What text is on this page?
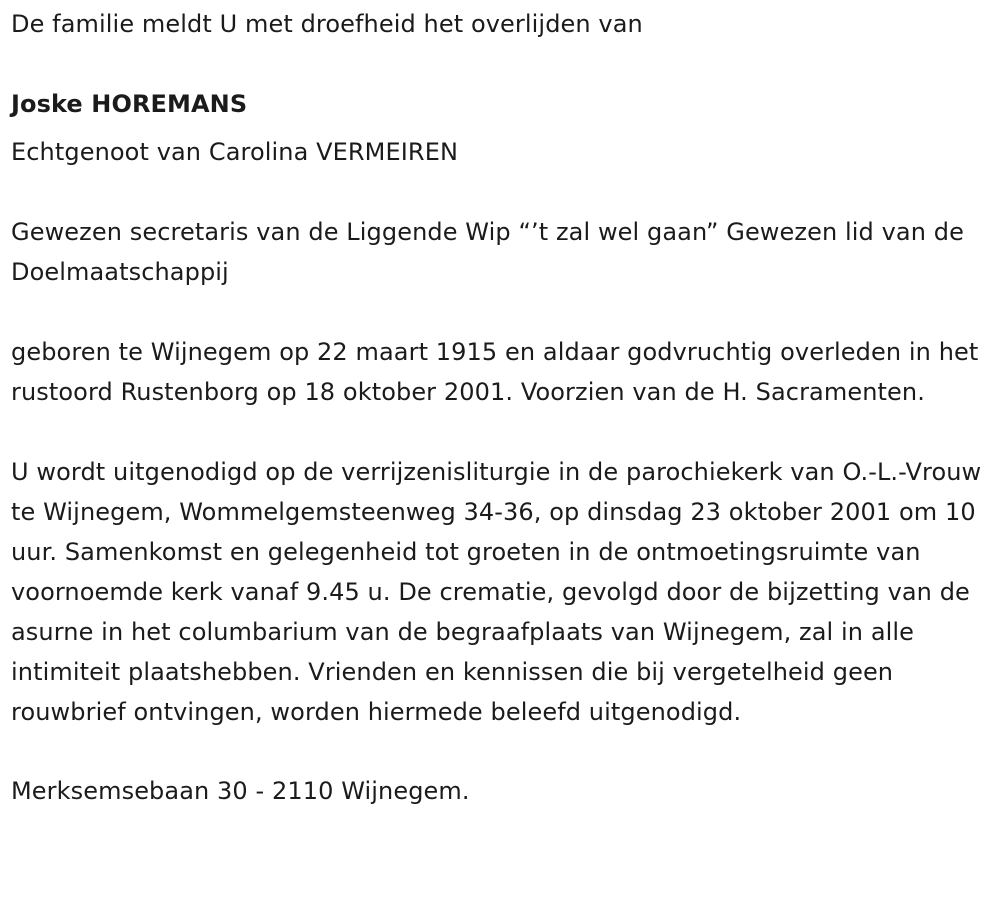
De familie meldt U met droefheid het overlijden van

Joske HOREMANS

Echtgenoot van Carolina VERMEIREN

Gewezen secretaris van de Liggende Wip “’t zal wel gaan” Gewezen lid van de Doelmaatschappij

geboren te Wijnegem op 22 maart 1915 en aldaar godvruchtig overleden in het rustoord Rustenborg op 18 oktober 2001. Voorzien van de H. Sacramenten.

U wordt uitgenodigd op de verrijzenisliturgie in de parochiekerk van O.-L.-Vrouw te Wijnegem, Wommelgemsteenweg 34-36, op dinsdag 23 oktober 2001 om 10 uur. Samenkomst en gelegenheid tot groeten in de ontmoetingsruimte van voornoemde kerk vanaf 9.45 u. De crematie, gevolgd door de bijzetting van de asurne in het columbarium van de begraafplaats van Wijnegem, zal in alle intimiteit plaatshebben. Vrienden en kennissen die bij vergetelheid geen rouwbrief ontvingen, worden hiermede beleefd uitgenodigd.

Merksemsebaan 30 - 2110 Wijnegem.
